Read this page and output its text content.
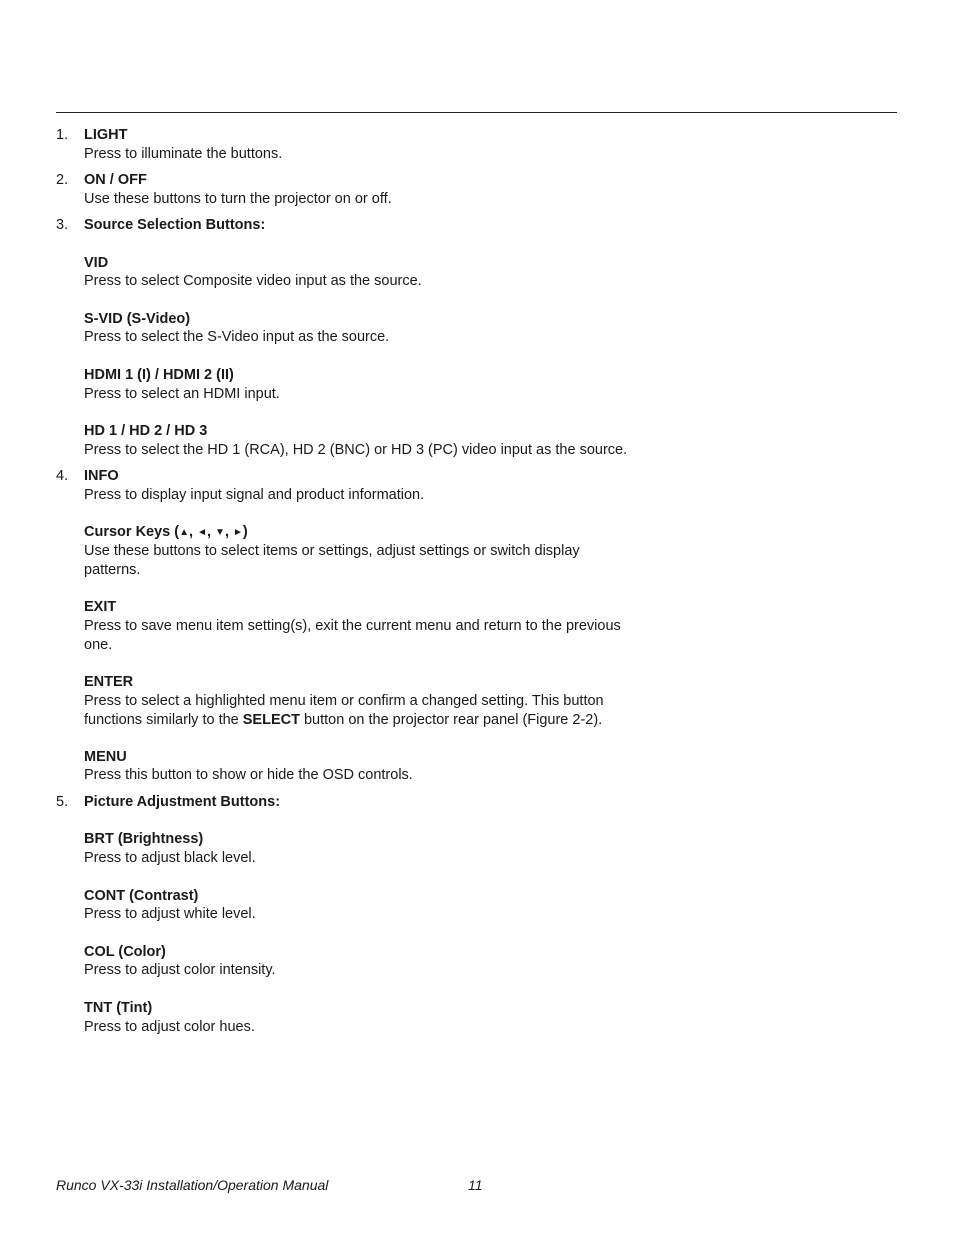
1. LIGHT
Press to illuminate the buttons.
2. ON / OFF
Use these buttons to turn the projector on or off.
3. Source Selection Buttons:
VID
Press to select Composite video input as the source.
S-VID (S-Video)
Press to select the S-Video input as the source.
HDMI 1 (I) / HDMI 2 (II)
Press to select an HDMI input.
HD 1 / HD 2 / HD 3
Press to select the HD 1 (RCA), HD 2 (BNC) or HD 3 (PC) video input as the source.
4. INFO
Press to display input signal and product information.
Cursor Keys (▲, ◄, ▼, ►)
Use these buttons to select items or settings, adjust settings or switch display patterns.
EXIT
Press to save menu item setting(s), exit the current menu and return to the previous one.
ENTER
Press to select a highlighted menu item or confirm a changed setting. This button functions similarly to the SELECT button on the projector rear panel (Figure 2-2).
MENU
Press this button to show or hide the OSD controls.
5. Picture Adjustment Buttons:
BRT (Brightness)
Press to adjust black level.
CONT (Contrast)
Press to adjust white level.
COL (Color)
Press to adjust color intensity.
TNT (Tint)
Press to adjust color hues.
Runco VX-33i Installation/Operation Manual	11
